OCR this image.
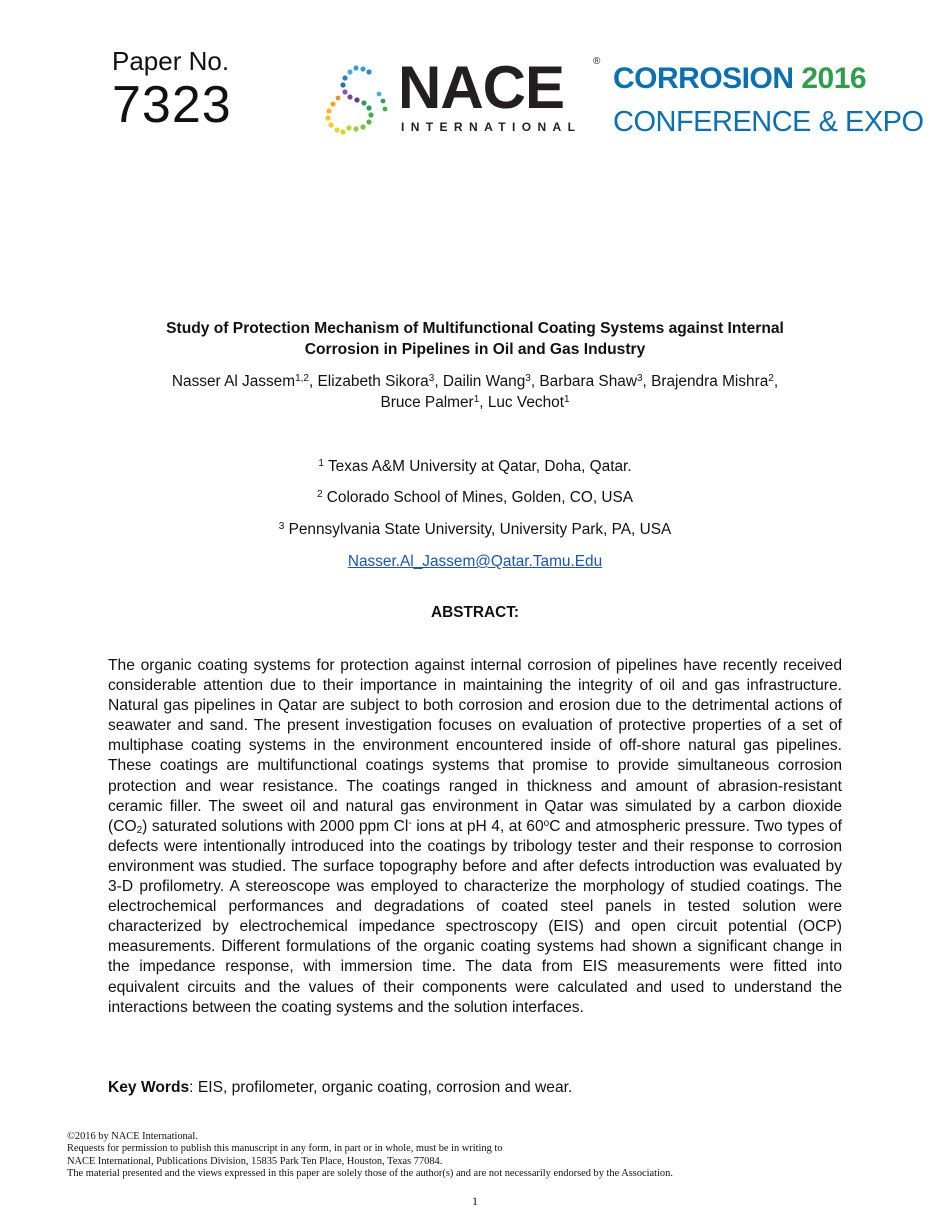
Paper No.
7323	NACE	®
INTERNATIONAL
CORROSION 2016
CONFERENCE & EXPO
Study of Protection Mechanism of Multifunctional Coating Systems against Internal
Corrosion in Pipelines in Oil and Gas Industry
Nasser Al Jassem$^{1,2}$, Elizabeth Sikora$^3$, Dailin Wang$^3$, Barbara Shaw$^3$, Brajendra Mishra$^2$,
Bruce Palmer$^1$, Luc Vechot$^1$
$^1$ Texas A&M University at Qatar, Doha, Qatar.
$^2$ Colorado School of Mines, Golden, CO, USA
$^3$ Pennsylvania State University, University Park, PA, USA
Nasser.Al_Jassem@Qatar.Tamu.Edu
ABSTRACT:
The organic coating systems for protection against internal corrosion of pipelines have recently received considerable attention due to their importance in maintaining the integrity of oil and gas infrastructure. Natural gas pipelines in Qatar are subject to both corrosion and erosion due to the detrimental actions of seawater and sand. The present investigation focuses on evaluation of protective properties of a set of multiphase coating systems in the environment encountered inside of off-shore natural gas pipelines. These coatings are multifunctional coatings systems that promise to provide simultaneous corrosion protection and wear resistance. The coatings ranged in thickness and amount of abrasion-resistant ceramic filler. The sweet oil and natural gas environment in Qatar was simulated by a carbon dioxide $(CO_2)$ saturated solutions with 2000 ppm Cl- ions at pH 4, at 60$^o$C and atmospheric pressure. Two types of defects were intentionally introduced into the coatings by tribology tester and their response to corrosion environment was studied. The surface topography before and after defects introduction was evaluated by 3-D profilometry. A stereoscope was employed to characterize the morphology of studied coatings. The electrochemical performances and degradations of coated steel panels in tested solution were characterized by electrochemical impedance spectroscopy (EIS) and open circuit potential (OCP) measurements. Different formulations of the organic coating systems had shown a significant change in the impedance response, with immersion time. The data from EIS measurements were fitted into equivalent circuits and the values of their components were calculated and used to understand the interactions between the coating systems and the solution interfaces.
Key Words: EIS, profilometer, organic coating, corrosion and wear.
©2016 by NACE International.
Requests for permission to publish this manuscript in any form, in part or in whole, must be in writing to
NACE International, Publications Division, 15835 Park Ten Place, Houston, Texas 77084.
The material presented and the views expressed in this paper are solely those of the author(s) and are not necessarily endorsed by the Association.
1
